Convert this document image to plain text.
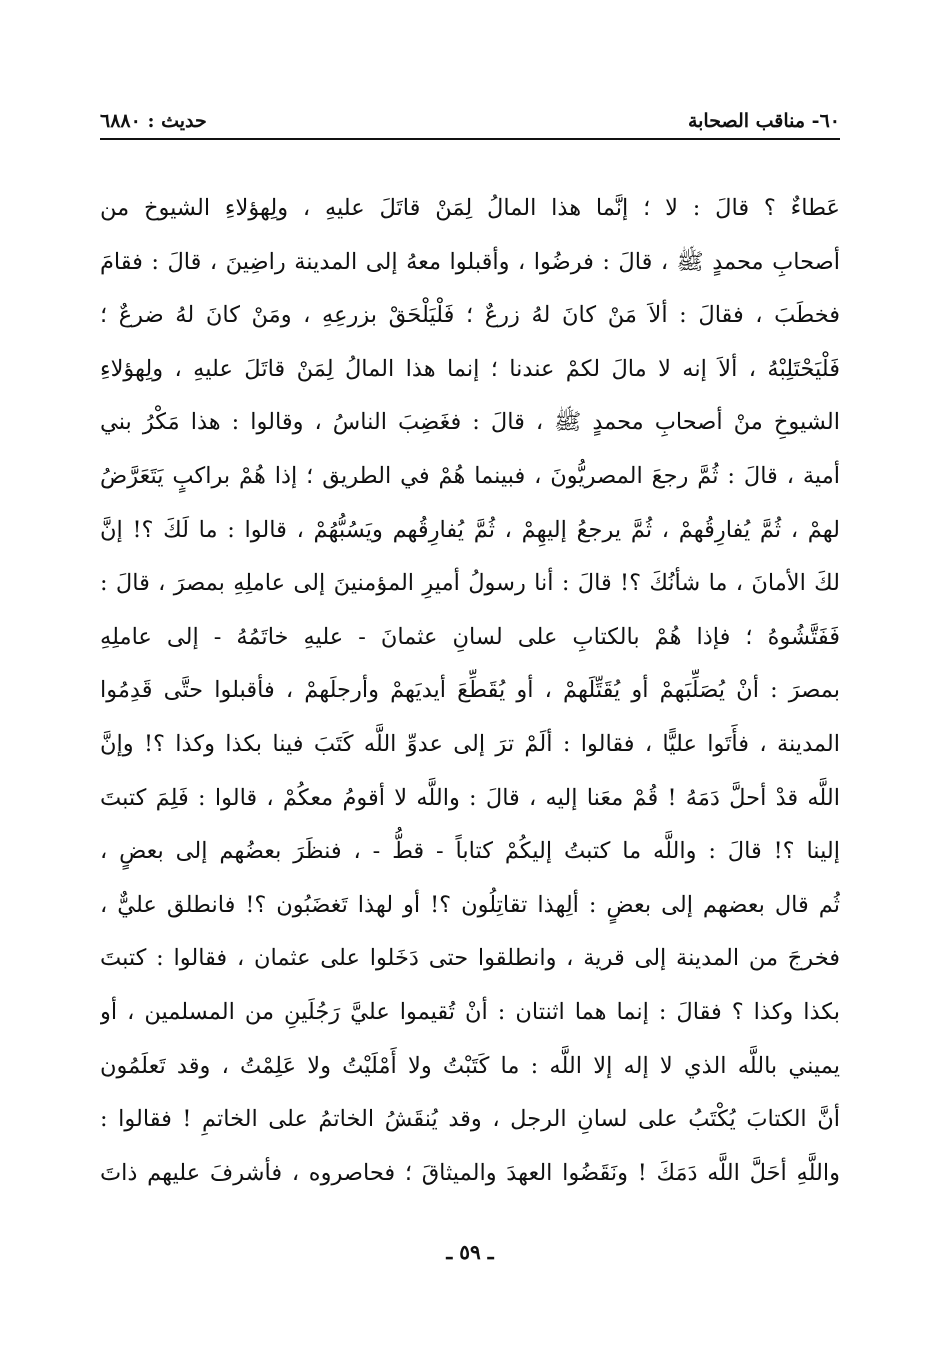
٦٠- مناقب الصحابة
حديث : ٦٨٨٠
عَطاءٌ ؟ قالَ : لا ؛ إنَّما هذا المالُ لِمَنْ قاتَلَ عليهِ ، ولِهؤلاءِ الشيوخ من
أصحابِ محمدٍ ﷺ ، قالَ : فرضُوا ، وأقبلوا معهُ إلى المدينة راضِينَ ، قالَ : فقامَ
فخطَبَ ، فقالَ : ألاَ مَنْ كانَ لهُ زرعٌ ؛ فَلْيَلْحَقْ بزرعِهِ ، ومَنْ كانَ لهُ ضرعٌ ؛
فَلْيَحْتَلِبْهُ ، ألاَ إنه لا مالَ لكمْ عندنا ؛ إنما هذا المالُ لِمَنْ قاتَلَ عليهِ ، ولِهؤلاءِ
الشيوخِ منْ أصحابِ محمدٍ ﷺ ، قالَ : فغَضِبَ الناسُ ، وقالوا : هذا مَكْرُ بني
أمية ، قالَ : ثُمَّ رجعَ المصريُّونَ ، فبينما هُمْ في الطريق ؛ إذا هُمْ براكبٍ يَتَعَرَّضُ
لهمْ ، ثُمَّ يُفارِقُهمْ ، ثُمَّ يرجعُ إليهِمْ ، ثُمَّ يُفارِقُهم ويَسُبُّهُمْ ، قالوا : ما لَكَ ؟! إنَّ
لكَ الأمانَ ، ما شأنُكَ ؟! قالَ : أنا رسولُ أميرِ المؤمنينَ إلى عاملِهِ بمصرَ ، قالَ :
فَفَتَّشُوهُ ؛ فإذا هُمْ بالكتابِ على لسانِ عثمانَ - عليهِ خاتَمُهُ - إلى عاملِهِ
بمصرَ : أنْ يُصَلِّبَهمْ أو يُقَتِّلَهمْ ، أو يُقَطِّعَ أيديَهمْ وأرجلَهمْ ، فأقبلوا حتَّى قَدِمُوا
المدينة ، فأَتَوا عليًّا ، فقالوا : ألَمْ ترَ إلى عدوِّ اللَّه كَتَبَ فينا بكذا وكذا ؟! وإنَّ
اللَّه قدْ أحلَّ دَمَهُ ! قُمْ معَنا إليه ، قالَ : واللَّه لا أقومُ معكُمْ ، قالوا : فَلِمَ كتبتَ
إلينا ؟! قالَ : واللَّه ما كتبتُ إليكُمْ كتاباً - قطُّ - ، فنظَرَ بعضُهم إلى بعضٍ ،
ثُم قال بعضهم إلى بعضٍ : ألِهذا تقاتِلُون ؟! أو لهذا تَغضَبُون ؟! فانطلق عليٌّ ،
فخرجَ من المدينة إلى قرية ، وانطلقوا حتى دَخَلوا على عثمان ، فقالوا : كتبتَ
بكذا وكذا ؟ فقالَ : إنما هما اثنتان : أنْ تُقيموا عليَّ رَجُلَينِ من المسلمين ، أو
يميني باللَّه الذي لا إله إلا اللَّه : ما كَتَبْتُ ولا أَمْلَيْتُ ولا عَلِمْتُ ، وقد تَعلَمُون
أنَّ الكتابَ يُكْتَبُ على لسانِ الرجل ، وقد يُنقَشُ الخاتمُ على الخاتمِ ! فقالوا :
واللَّهِ أحَلَّ اللَّه دَمَكَ ! ونَقَضُوا العهدَ والميثاقَ ؛ فحاصروه ، فأشرفَ عليهم ذاتَ
ـ ٥٩ ـ
